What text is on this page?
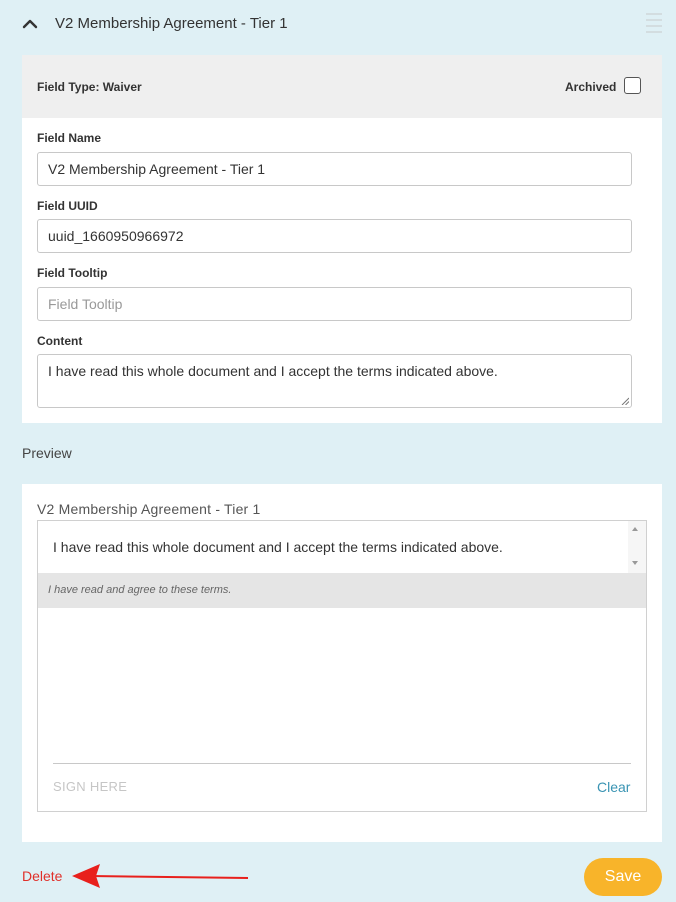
V2 Membership Agreement - Tier 1
Field Type: Waiver	Archived
Field Name
V2 Membership Agreement - Tier 1
Field UUID
uuid_1660950966972
Field Tooltip
Field Tooltip
Content
I have read this whole document and I accept the terms indicated above.
Preview
V2 Membership Agreement - Tier 1
I have read this whole document and I accept the terms indicated above.
I have read and agree to these terms.
SIGN HERE	Clear
Delete	Save
